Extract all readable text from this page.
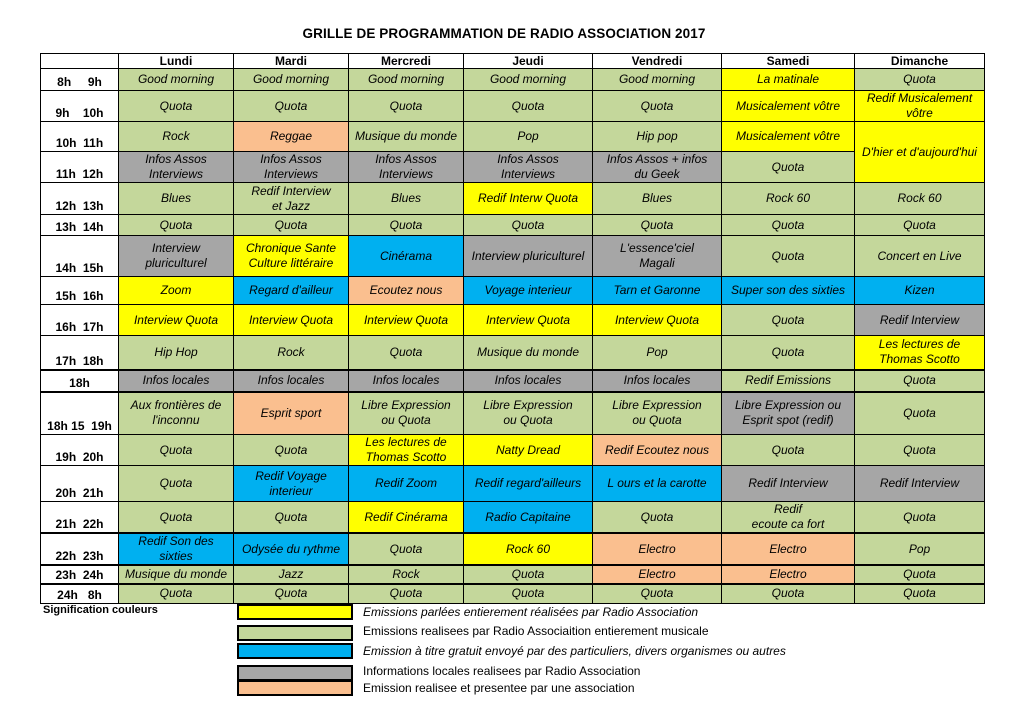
GRILLE DE PROGRAMMATION DE RADIO ASSOCIATION 2017
	Lundi	Mardi	Mercredi	Jeudi	Vendredi	Samedi	Dimanche
8h     9h	Good morning	Good morning	Good morning	Good morning	Good morning	La matinale	Quota
9h    10h	Quota	Quota	Quota	Quota	Quota	Musicalement vôtre	Redif Musicalement vôtre
10h  11h	Rock	Reggae	Musique du monde	Pop	Hip pop	Musicalement vôtre	D'hier et d'aujourd'hui
11h  12h	Infos Assos
Interviews	Infos Assos
Interviews	Infos Assos
Interviews	Infos Assos
Interviews	Infos Assos + infos
du Geek	Quota	
12h  13h	Blues	Redif Interview
et Jazz	Blues	Redif Interw Quota	Blues	Rock 60	Rock 60
13h  14h	Quota	Quota	Quota	Quota	Quota	Quota	Quota
14h  15h	Interview
pluriculturel	Chronique Sante
Culture littéraire	Cinérama	Interview pluriculturel	L'essence'ciel
Magali	Quota	Concert en Live
15h  16h	Zoom	Regard d'ailleur	Ecoutez nous	Voyage interieur	Tarn et Garonne	Super son des sixties	Kizen
16h  17h	Interview Quota	Interview Quota	Interview Quota	Interview Quota	Interview Quota	Quota	Redif Interview
17h  18h	Hip Hop	Rock	Quota	Musique du monde	Pop	Quota	Les lectures de
Thomas Scotto
18h	Infos locales	Infos locales	Infos locales	Infos locales	Infos locales	Redif Emissions	Quota
18h 15  19h	Aux frontières de
l'inconnu	Esprit sport	Libre Expression
ou Quota	Libre Expression
ou Quota	Libre Expression
ou Quota	Libre Expression ou
Esprit spot (redif)	Quota
19h  20h	Quota	Quota	Les lectures de
Thomas Scotto	Natty Dread	Redif Ecoutez nous	Quota	Quota
20h  21h	Quota	Redif Voyage
interieur	Redif Zoom	Redif regard'ailleurs	L ours et la carotte	Redif Interview	Redif Interview
21h  22h	Quota	Quota	Redif Cinérama	Radio Capitaine	Quota	Redif
ecoute ca fort	Quota
22h  23h	Redif Son des sixties	Odysée du rythme	Quota	Rock 60	Electro	Electro	Pop
23h  24h	Musique du monde	Jazz	Rock	Quota	Electro	Electro	Quota
24h   8h	Quota	Quota	Quota	Quota	Quota	Quota	Quota
Signification couleurs	Emissions parlées entierement réalisées par Radio Association
Emissions realisees par Radio Associaition entierement musicale
Emission à titre gratuit envoyé par des particuliers, divers organismes ou autres
Informations locales realisees par Radio Association
Emission realisee et presentee par une association
